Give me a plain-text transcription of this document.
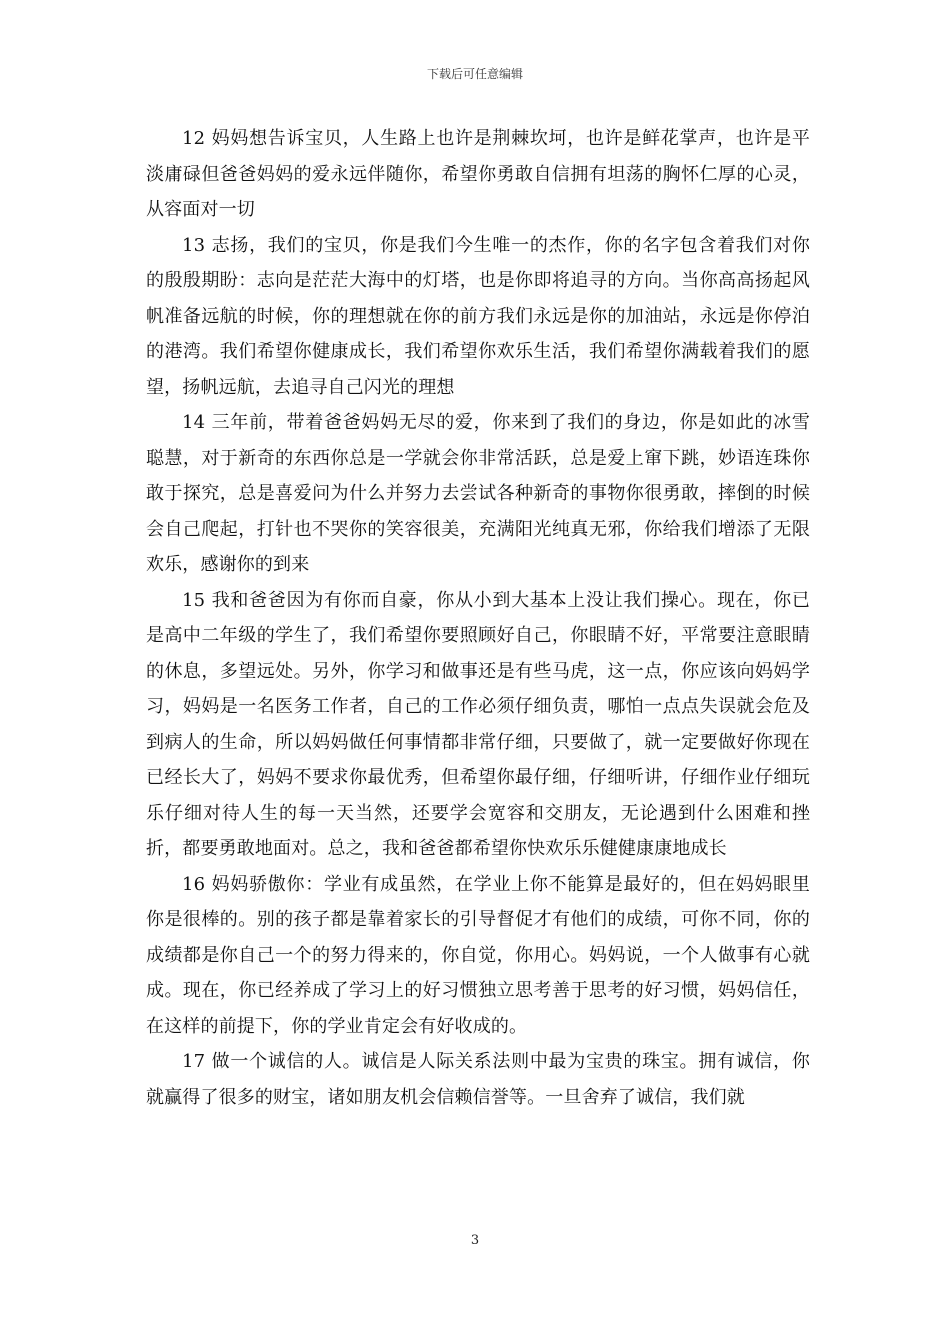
下载后可任意编辑

12 妈妈想告诉宝贝，人生路上也许是荆棘坎坷，也许是鲜花掌声，也许是平淡庸碌但爸爸妈妈的爱永远伴随你，希望你勇敢自信拥有坦荡的胸怀仁厚的心灵，从容面对一切

13 志扬，我们的宝贝，你是我们今生唯一的杰作，你的名字包含着我们对你的殷殷期盼：志向是茫茫大海中的灯塔，也是你即将追寻的方向。当你高高扬起风帆准备远航的时候，你的理想就在你的前方我们永远是你的加油站，永远是你停泊的港湾。我们希望你健康成长，我们希望你欢乐生活，我们希望你满载着我们的愿望，扬帆远航，去追寻自己闪光的理想

14 三年前，带着爸爸妈妈无尽的爱，你来到了我们的身边，你是如此的冰雪聪慧，对于新奇的东西你总是一学就会你非常活跃，总是爱上窜下跳，妙语连珠你敢于探究，总是喜爱问为什么并努力去尝试各种新奇的事物你很勇敢，摔倒的时候会自己爬起，打针也不哭你的笑容很美，充满阳光纯真无邪，你给我们增添了无限欢乐，感谢你的到来

15 我和爸爸因为有你而自豪，你从小到大基本上没让我们操心。现在，你已是高中二年级的学生了，我们希望你要照顾好自己，你眼睛不好，平常要注意眼睛的休息，多望远处。另外，你学习和做事还是有些马虎，这一点，你应该向妈妈学习，妈妈是一名医务工作者，自己的工作必须仔细负责，哪怕一点点失误就会危及到病人的生命，所以妈妈做任何事情都非常仔细，只要做了，就一定要做好你现在已经长大了，妈妈不要求你最优秀，但希望你最仔细，仔细听讲，仔细作业仔细玩乐仔细对待人生的每一天当然，还要学会宽容和交朋友，无论遇到什么困难和挫折，都要勇敢地面对。总之，我和爸爸都希望你快欢乐乐健健康康地成长

16 妈妈骄傲你：学业有成虽然，在学业上你不能算是最好的，但在妈妈眼里你是很棒的。别的孩子都是靠着家长的引导督促才有他们的成绩，可你不同，你的成绩都是你自己一个的努力得来的，你自觉，你用心。妈妈说，一个人做事有心就成。现在，你已经养成了学习上的好习惯独立思考善于思考的好习惯，妈妈信任，在这样的前提下，你的学业肯定会有好收成的。

17 做一个诚信的人。诚信是人际关系法则中最为宝贵的珠宝。拥有诚信，你就赢得了很多的财宝，诸如朋友机会信赖信誉等。一旦舍弃了诚信，我们就

3
